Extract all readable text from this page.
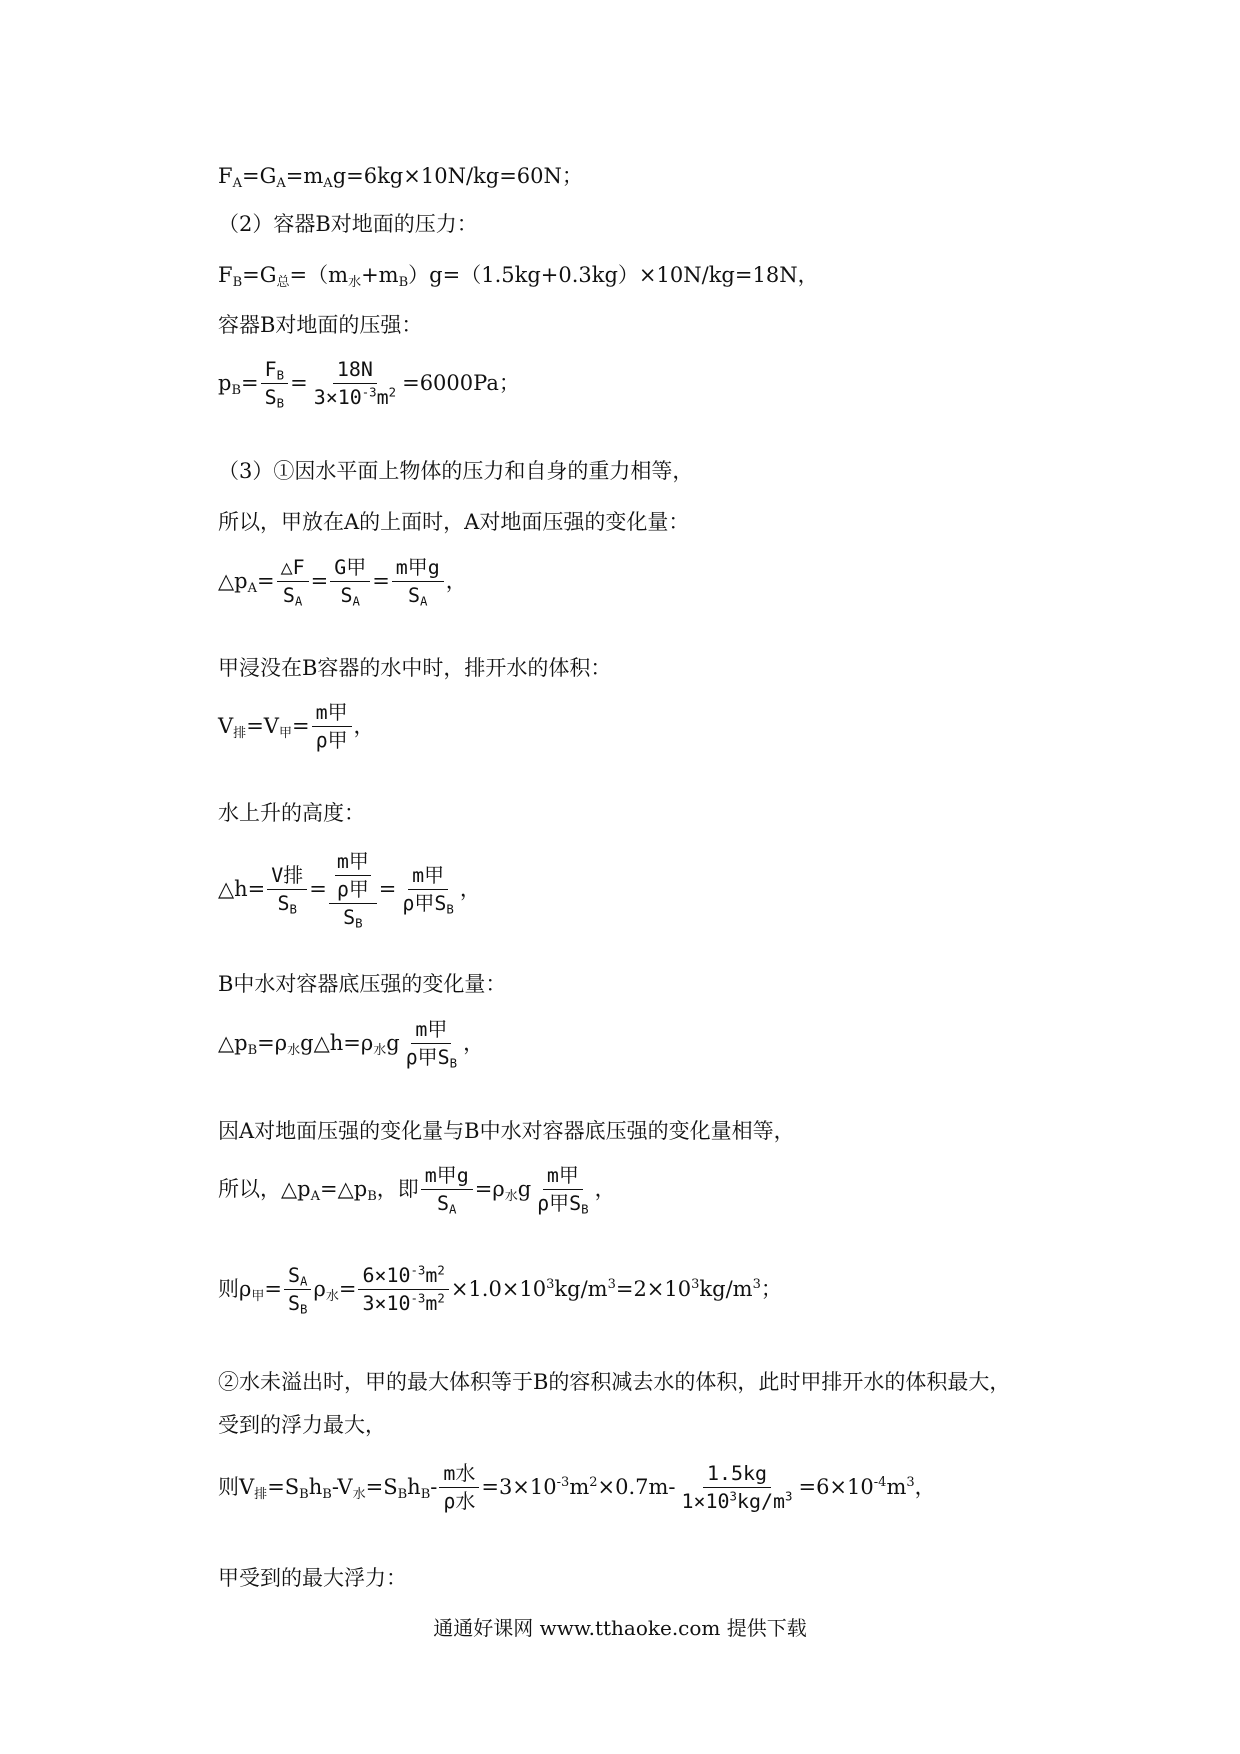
$F_A=G_A=m_Ag=6kg\times 10N/kg=60N$；
（2）容器B对地面的压力：
$F_B=G_总=(m_水+m_B)g=(1.5kg+0.3kg)\times 10N/kg=18N$，
容器B对地面的压强：
$p_B= \frac{F_B}{S_B} = \frac{18N}{3\times 10^{-3}m^2} =6000Pa$；
（3）①因水平面上物体的压力和自身的重力相等，
所以，甲放在A的上面时，A对地面压强的变化量：
$\triangle p_A= \frac{\triangle F}{S_A} = \frac{\text{G甲}}{S_A} = \frac{\text{m甲g}}{S_A}$ ，
甲浸没在B容器的水中时，排开水的体积：
$V_排=V_甲= \frac{\text{m甲}}{\text{ρ甲}}$ ，
水上升的高度：
△h= $\frac{\text{V排}}{S_B} = \frac{\frac{\text{m甲}}{\text{ρ甲}}}{S_B} = \frac{\text{m甲}}{\rho 甲S_B}$ ，
B中水对容器底压强的变化量：
$\triangle p_B=\rho_水g\triangle h=\rho_水g \frac{\text{m甲}}{\rho 甲S_B}$ ，
因A对地面压强的变化量与B中水对容器底压强的变化量相等，
所以，$\triangle p_A=\triangle p_B$，即 $\frac{\text{m甲g}}{S_A} =\rho_水g \frac{\text{m甲}}{\rho 甲S_B}$ ，
则$\rho_甲= \frac{S_A}{S_B} \rho_水= \frac{6\times 10^{-3}m^2}{3\times 10^{-3}m^2} \times 1.0\times 10^3kg/m^3=2\times 10^3kg/m^3$；
②水未溢出时，甲的最大体积等于B的容积减去水的体积，此时甲排开水的体积最大，
受到的浮力最大，
则$V_排=S_Bh_B-V_水=S_Bh_B- \frac{\text{m水}}{\text{ρ水}} =3\times 10^{-3}m^2\times 0.7m- \frac{1.5kg}{1\times 10^3kg/m^3} =6\times 10^{-4}m^3$，
甲受到的最大浮力：
通通好课网 www.tthaoke.com 提供下载
